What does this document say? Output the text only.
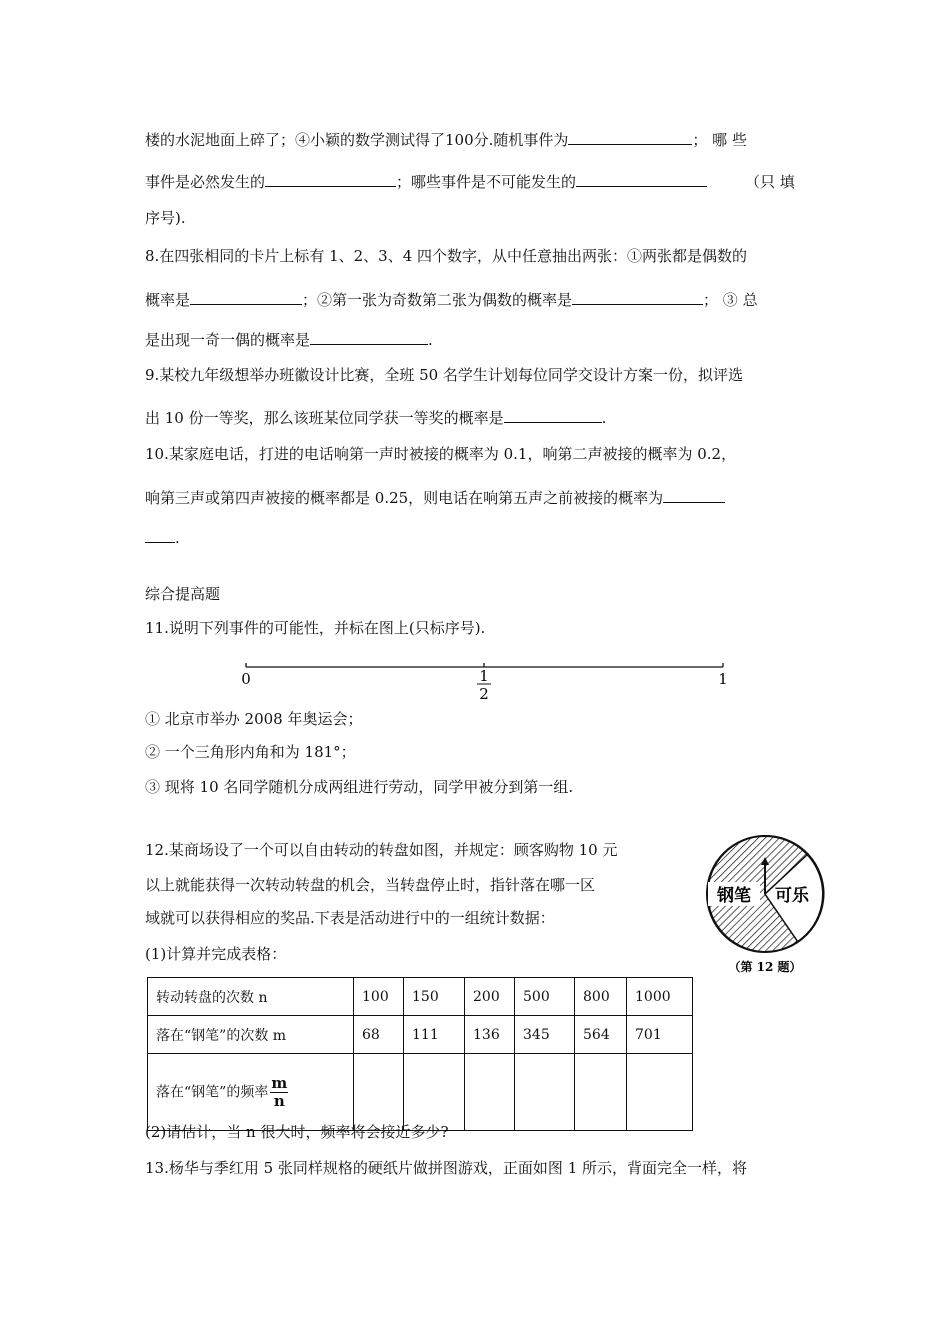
楼的水泥地面上碎了；④小颖的数学测试得了100分.随机事件为	； 哪 些
事件是必然发生的	；哪些事件是不可能发生的	（只 填
序号).
8.在四张相同的卡片上标有 1、2、3、4 四个数字，从中任意抽出两张：①两张都是偶数的
概率是	；②第一张为奇数第二张为偶数的概率是	； ③ 总
是出现一奇一偶的概率是	.
9.某校九年级想举办班徽设计比赛，全班 50 名学生计划每位同学交设计方案一份，拟评选
出 10 份一等奖，那么该班某位同学获一等奖的概率是	.
10.某家庭电话，打进的电话响第一声时被接的概率为 0.1，响第二声被接的概率为 0.2，
响第三声或第四声被接的概率都是 0.25，则电话在响第五声之前被接的概率为
.
综合提高题
11.说明下列事件的可能性，并标在图上(只标序号).
0	1
2
1
① 北京市举办 2008 年奥运会；
② 一个三角形内角和为 181°；
③ 现将 10 名同学随机分成两组进行劳动，同学甲被分到第一组.
12.某商场设了一个可以自由转动的转盘如图，并规定：顾客购物 10 元
以上就能获得一次转动转盘的机会，当转盘停止时，指针落在哪一区
域就可以获得相应的奖品.下表是活动进行中的一组统计数据：
(1)计算并完成表格：
钢笔 可乐
（第 12 题）
转动转盘的次数 n	100	150	200	500	800	1000
落在“钢笔”的次数 m	68	111	136	345	564	701
落在“钢笔”的频率 $\frac{m}{n}$

(2)请估计，当 n 很大时，频率将会接近多少?
13.杨华与季红用 5 张同样规格的硬纸片做拼图游戏，正面如图 1 所示，背面完全一样，将
